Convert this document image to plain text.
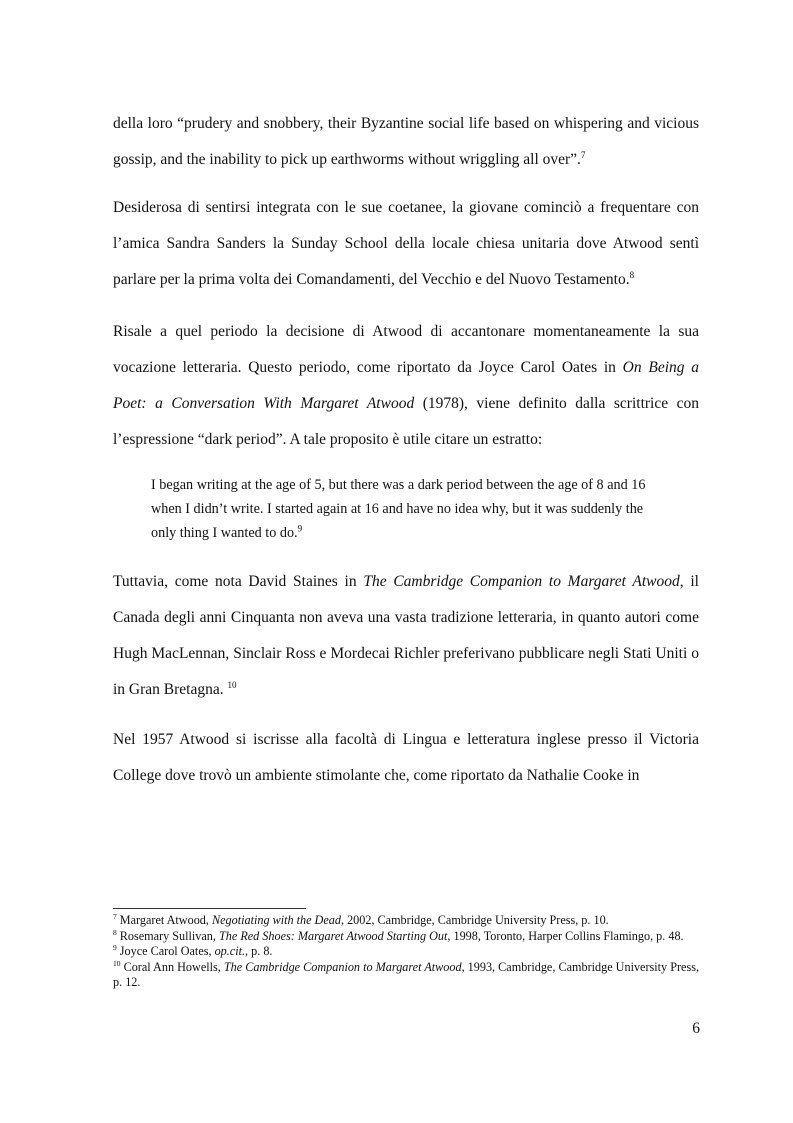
della loro “prudery and snobbery, their Byzantine social life based on whispering and vicious gossip, and the inability to pick up earthworms without wriggling all over”.$^7$

Desiderosa di sentirsi integrata con le sue coetanee, la giovane cominciò a frequentare con l’amica Sandra Sanders la Sunday School della locale chiesa unitaria dove Atwood sentì parlare per la prima volta dei Comandamenti, del Vecchio e del Nuovo Testamento.$^8$

Risale a quel periodo la decisione di Atwood di accantonare momentaneamente la sua vocazione letteraria. Questo periodo, come riportato da Joyce Carol Oates in On Being a Poet: a Conversation With Margaret Atwood (1978), viene definito dalla scrittrice con l’espressione “dark period”. A tale proposito è utile citare un estratto:

I began writing at the age of 5, but there was a dark period between the age of 8 and 16 when I didn’t write. I started again at 16 and have no idea why, but it was suddenly the only thing I wanted to do.$^9$

Tuttavia, come nota David Staines in The Cambridge Companion to Margaret Atwood, il Canada degli anni Cinquanta non aveva una vasta tradizione letteraria, in quanto autori come Hugh MacLennan, Sinclair Ross e Mordecai Richler preferivano pubblicare negli Stati Uniti o in Gran Bretagna. $^{10}$

Nel 1957 Atwood si iscrisse alla facoltà di Lingua e letteratura inglese presso il Victoria College dove trovò un ambiente stimolante che, come riportato da Nathalie Cooke in

$^7$ Margaret Atwood, Negotiating with the Dead, 2002, Cambridge, Cambridge University Press, p. 10.

$^8$ Rosemary Sullivan, The Red Shoes: Margaret Atwood Starting Out, 1998, Toronto, Harper Collins Flamingo, p. 48.

$^9$ Joyce Carol Oates, op.cit., p. 8.

$^{10}$ Coral Ann Howells, The Cambridge Companion to Margaret Atwood, 1993, Cambridge, Cambridge University Press, p. 12.

6
